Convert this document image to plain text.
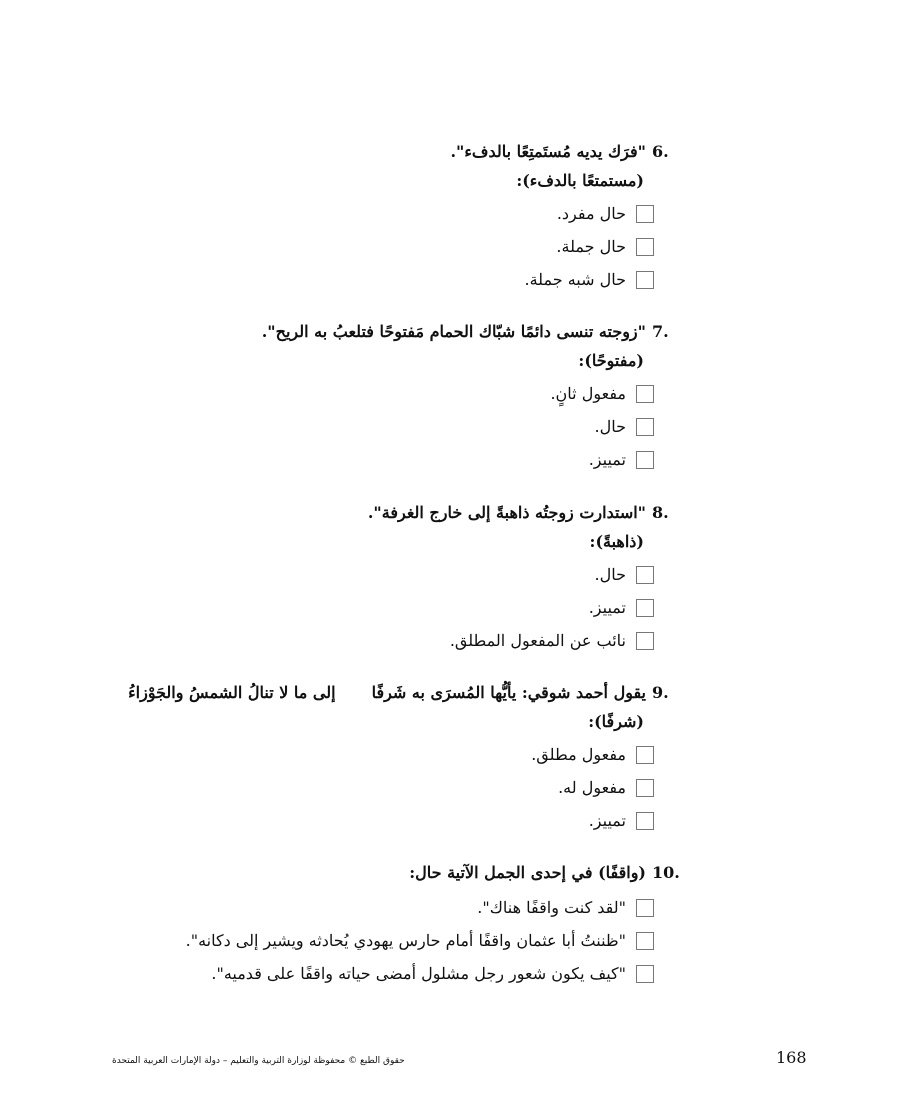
6.
"فرَك يديه مُستَمتِعًا بالدفء".
(مستمتعًا بالدفء):
حال مفرد.
حال جملة.
حال شبه جملة.
7.
"زوجته تنسى دائمًا شبّاك الحمام مَفتوحًا فتلعبُ به الريح".
(مفتوحًا):
مفعول ثانٍ.
حال.
تمييز.
8.
"استدارت زوجتُه ذاهبةً إلى خارج الغرفة".
(ذاهبةً):
حال.
تمييز.
نائب عن المفعول المطلق.
9.
يقول أحمد شوقي: يأيُّها المُسرَى به شَرفًاإلى ما لا تنالُ الشمسُ والجَوْزاءُ
(شرفًا):
مفعول مطلق.
مفعول له.
تمييز.
10.
(واقفًا) في إحدى الجمل الآتية حال:
"لقد كنت واقفًا هناك".
"ظننتُ أبا عثمان واقفًا أمام حارس يهودي يُحادثه ويشير إلى دكانه".
"كيف يكون شعور رجل مشلول أمضى حياته واقفًا على قدميه".
حقوق الطبع © محفوظة لوزارة التربية والتعليم – دولة الإمارات العربية المتحدة	168
